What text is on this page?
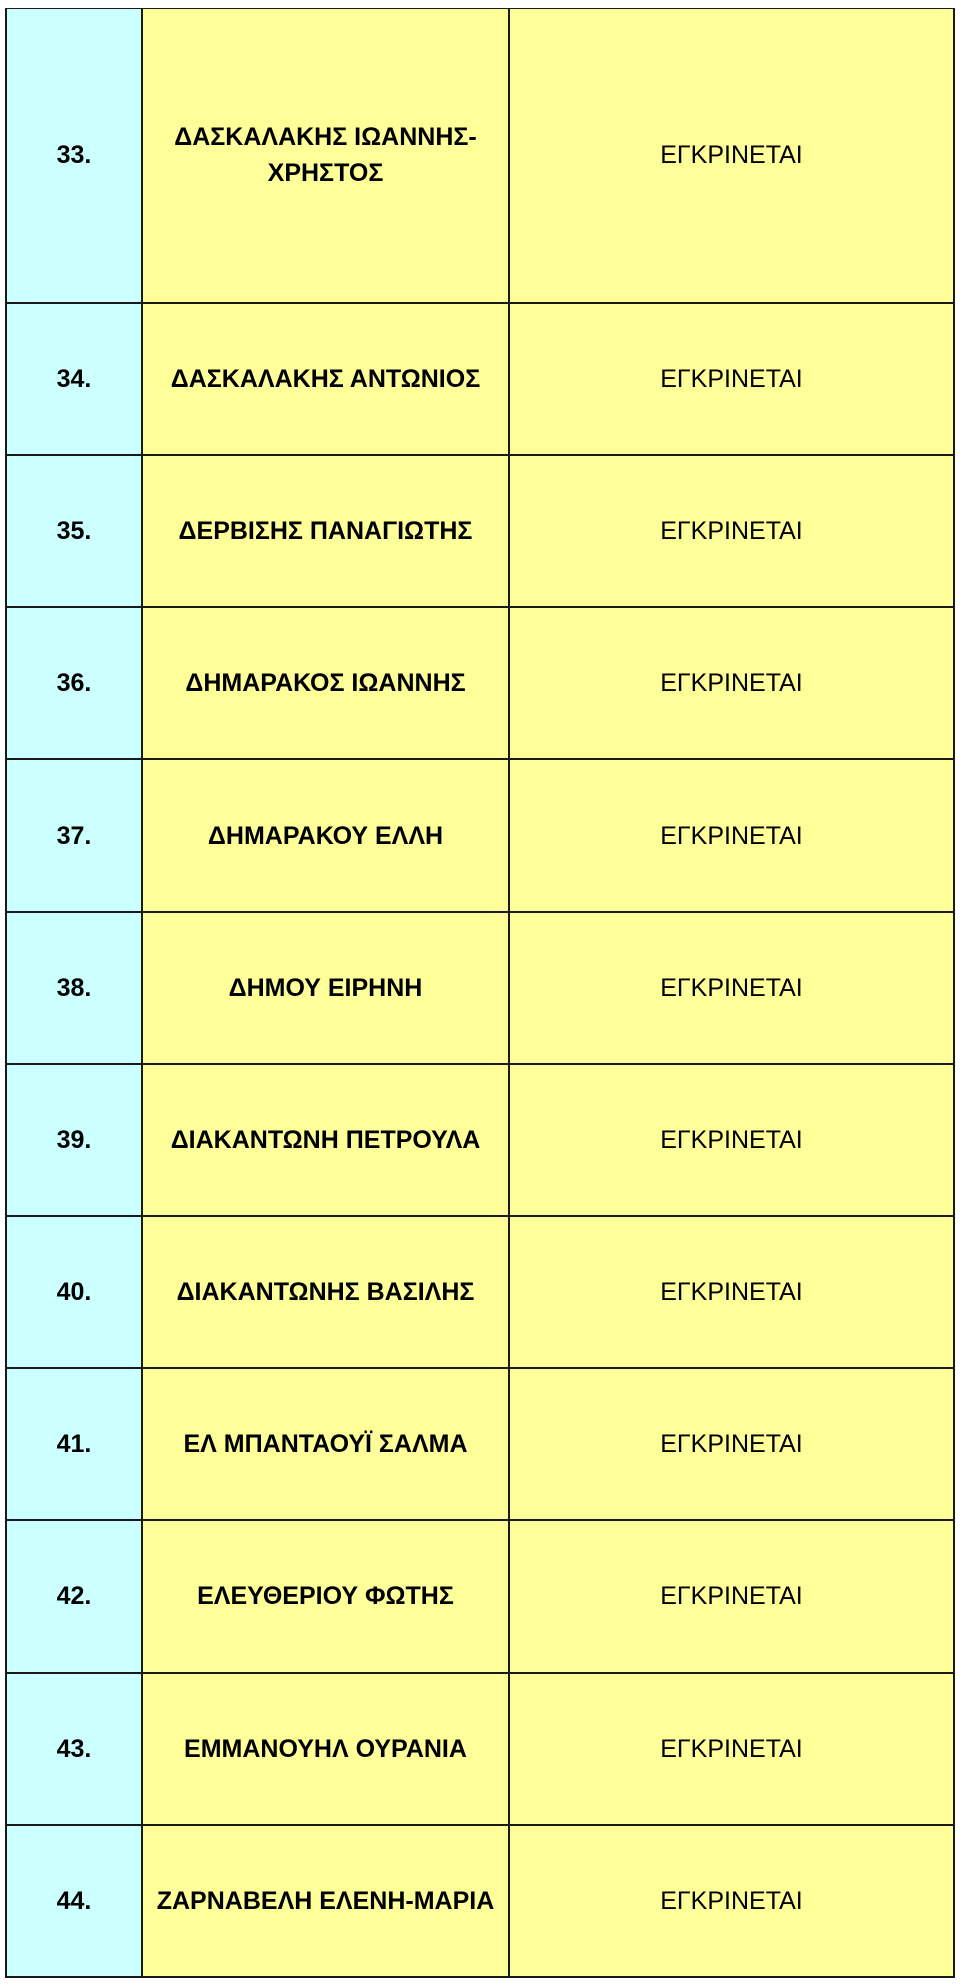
33.	ΔΑΣΚΑΛΑΚΗΣ ΙΩΑΝΝΗΣ-ΧΡΗΣΤΟΣ	ΕΓΚΡΙΝΕΤΑΙ
34.	ΔΑΣΚΑΛΑΚΗΣ ΑΝΤΩΝΙΟΣ	ΕΓΚΡΙΝΕΤΑΙ
35.	ΔΕΡΒΙΣΗΣ ΠΑΝΑΓΙΩΤΗΣ	ΕΓΚΡΙΝΕΤΑΙ
36.	ΔΗΜΑΡΑΚΟΣ ΙΩΑΝΝΗΣ	ΕΓΚΡΙΝΕΤΑΙ
37.	ΔΗΜΑΡΑΚΟΥ ΕΛΛΗ	ΕΓΚΡΙΝΕΤΑΙ
38.	ΔΗΜΟΥ ΕΙΡΗΝΗ	ΕΓΚΡΙΝΕΤΑΙ
39.	ΔΙΑΚΑΝΤΩΝΗ ΠΕΤΡΟΥΛΑ	ΕΓΚΡΙΝΕΤΑΙ
40.	ΔΙΑΚΑΝΤΩΝΗΣ ΒΑΣΙΛΗΣ	ΕΓΚΡΙΝΕΤΑΙ
41.	ΕΛ ΜΠΑΝΤΑΟΥΪ ΣΑΛΜΑ	ΕΓΚΡΙΝΕΤΑΙ
42.	ΕΛΕΥΘΕΡΙΟΥ ΦΩΤΗΣ	ΕΓΚΡΙΝΕΤΑΙ
43.	ΕΜΜΑΝΟΥΗΛ ΟΥΡΑΝΙΑ	ΕΓΚΡΙΝΕΤΑΙ
44.	ΖΑΡΝΑΒΕΛΗ ΕΛΕΝΗ-ΜΑΡΙΑ	ΕΓΚΡΙΝΕΤΑΙ
